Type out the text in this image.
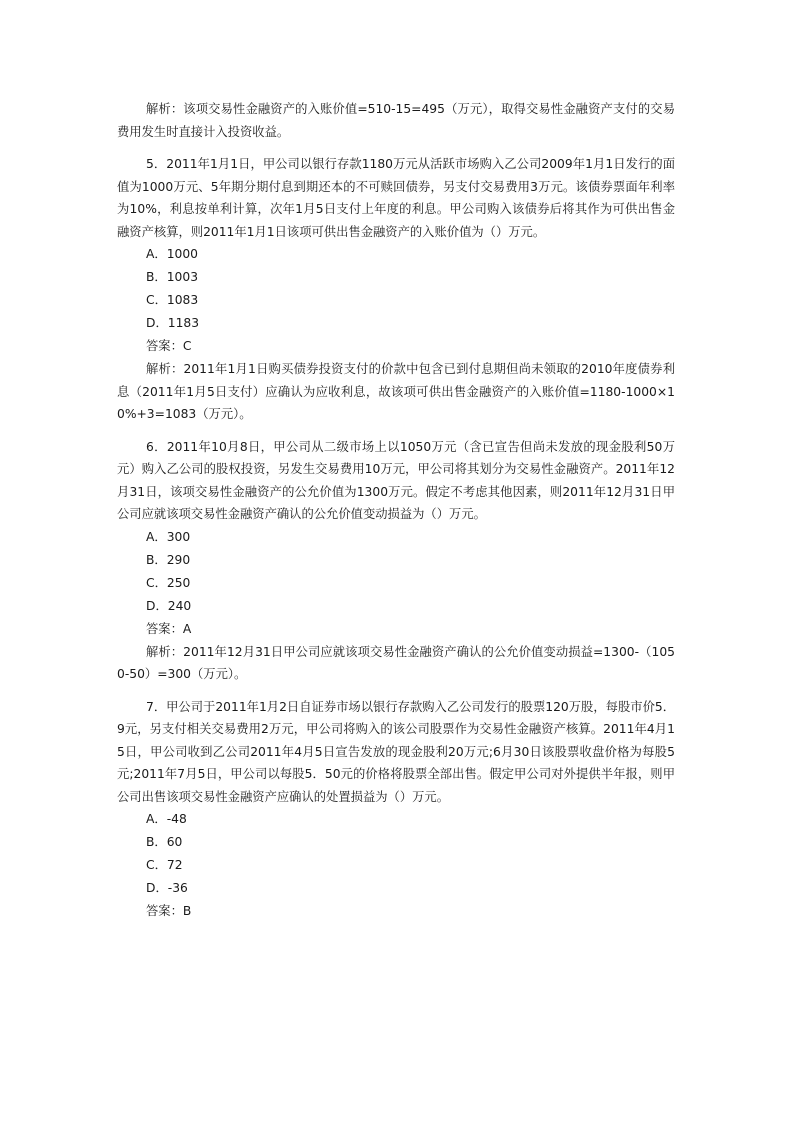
解析：该项交易性金融资产的入账价值=510-15=495（万元），取得交易性金融资产支付的交易费用发生时直接计入投资收益。

5．2011年1月1日，甲公司以银行存款1180万元从活跃市场购入乙公司2009年1月1日发行的面值为1000万元、5年期分期付息到期还本的不可赎回债券，另支付交易费用3万元。该债券票面年利率为10%，利息按单利计算，次年1月5日支付上年度的利息。甲公司购入该债券后将其作为可供出售金融资产核算，则2011年1月1日该项可供出售金融资产的入账价值为（）万元。

A．1000

B．1003

C．1083

D．1183

答案：C

解析：2011年1月1日购买债券投资支付的价款中包含已到付息期但尚未领取的2010年度债券利息（2011年1月5日支付）应确认为应收利息，故该项可供出售金融资产的入账价值=1180-1000×10%+3=1083（万元）。

6．2011年10月8日，甲公司从二级市场上以1050万元（含已宣告但尚未发放的现金股利50万元）购入乙公司的股权投资，另发生交易费用10万元，甲公司将其划分为交易性金融资产。2011年12月31日，该项交易性金融资产的公允价值为1300万元。假定不考虑其他因素，则2011年12月31日甲公司应就该项交易性金融资产确认的公允价值变动损益为（）万元。

A．300

B．290

C．250

D．240

答案：A

解析：2011年12月31日甲公司应就该项交易性金融资产确认的公允价值变动损益=1300-（1050-50）=300（万元）。

7．甲公司于2011年1月2日自证券市场以银行存款购入乙公司发行的股票120万股，每股市价5．9元，另支付相关交易费用2万元，甲公司将购入的该公司股票作为交易性金融资产核算。2011年4月15日，甲公司收到乙公司2011年4月5日宣告发放的现金股利20万元;6月30日该股票收盘价格为每股5元;2011年7月5日，甲公司以每股5．50元的价格将股票全部出售。假定甲公司对外提供半年报，则甲公司出售该项交易性金融资产应确认的处置损益为（）万元。

A．-48

B．60

C．72

D．-36

答案：B
